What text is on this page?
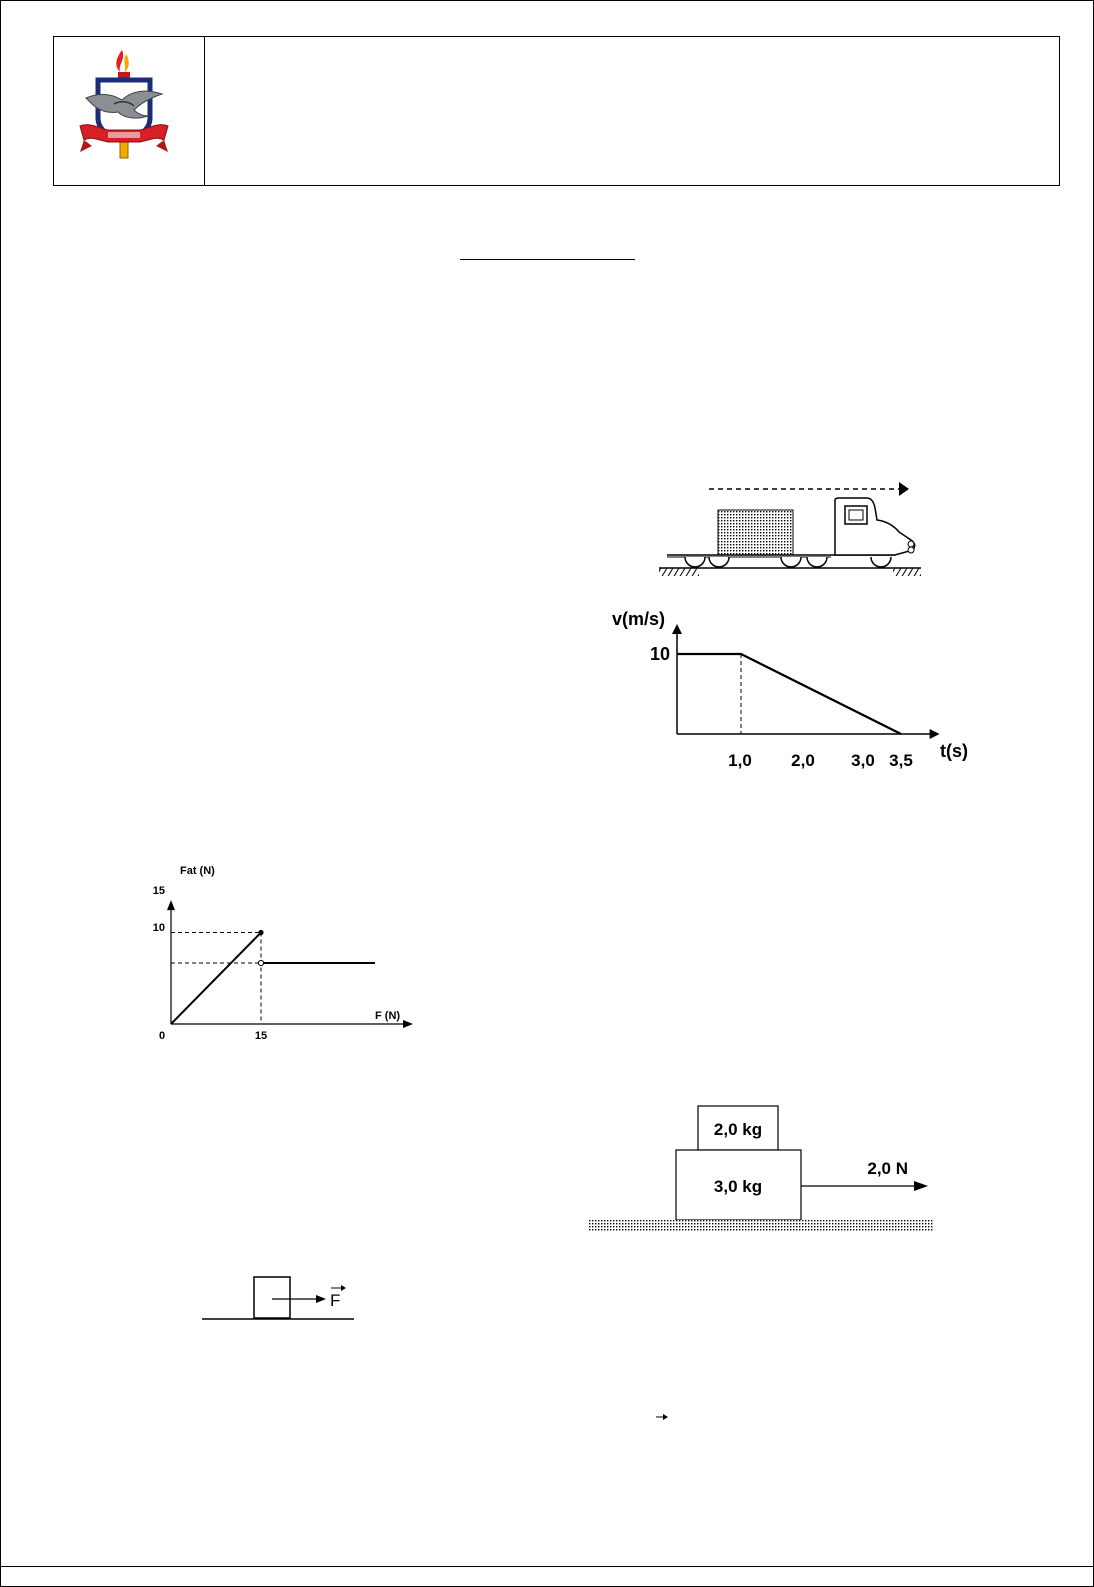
v(m/s)
t(s)
10
1,0 2,0 3,0 3,5
Fat (N)
F (N)
15
10
15
0
2,0 kg
3,0 kg
2,0 N
F
